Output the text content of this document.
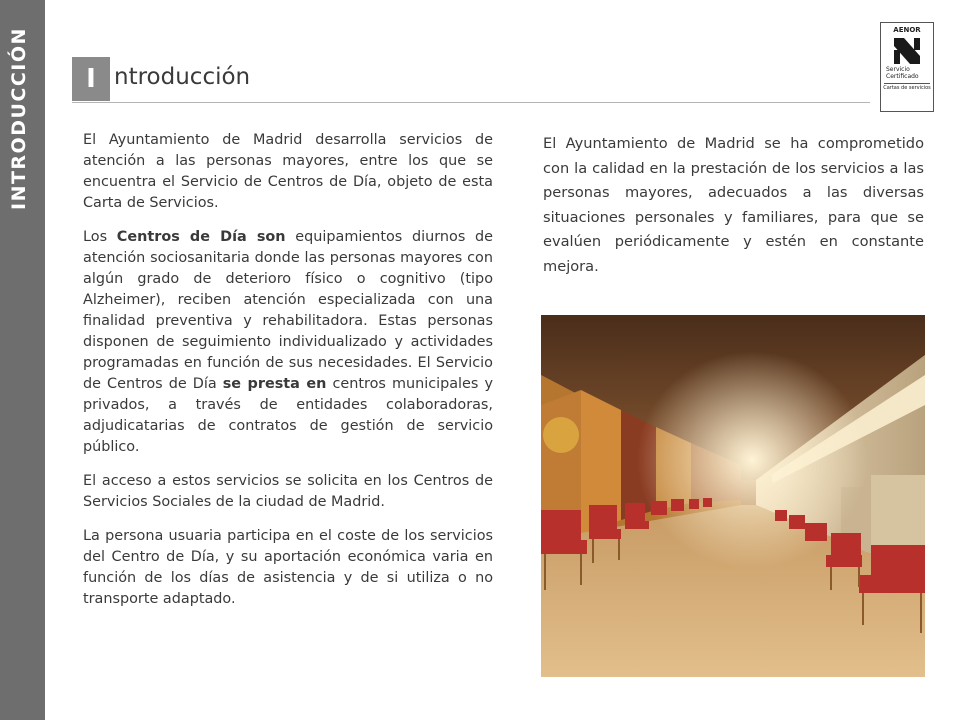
INTRODUCCIÓN	I ntroducción
AENOR
Servicio
Certificado
Cartas de servicios

El Ayuntamiento de Madrid desarrolla servicios de atención a las personas mayores, entre los que se encuentra el Servicio de Centros de Día, objeto de esta Carta de Servicios.

Los Centros de Día son equipamientos diurnos de atención sociosanitaria donde las personas mayores con algún grado de deterioro físico o cognitivo (tipo Alzheimer), reciben atención especializada con una finalidad preventiva y rehabilitadora. Estas personas disponen de seguimiento individualizado y actividades programadas en función de sus necesidades. El Servicio de Centros de Día se presta en centros municipales y privados, a través de entidades colaboradoras, adjudicatarias de contratos de gestión de servicio público.

El acceso a estos servicios se solicita en los Centros de Servicios Sociales de la ciudad de Madrid.

La persona usuaria participa en el coste de los servicios del Centro de Día, y su aportación económica varia en función de los días de asistencia y de si utiliza o no transporte adaptado.

El Ayuntamiento de Madrid se ha comprometido con la calidad en la prestación de los servicios a las personas mayores, adecuados a las diversas situaciones personales y familiares, para que se evalúen periódicamente y estén en constante mejora.
